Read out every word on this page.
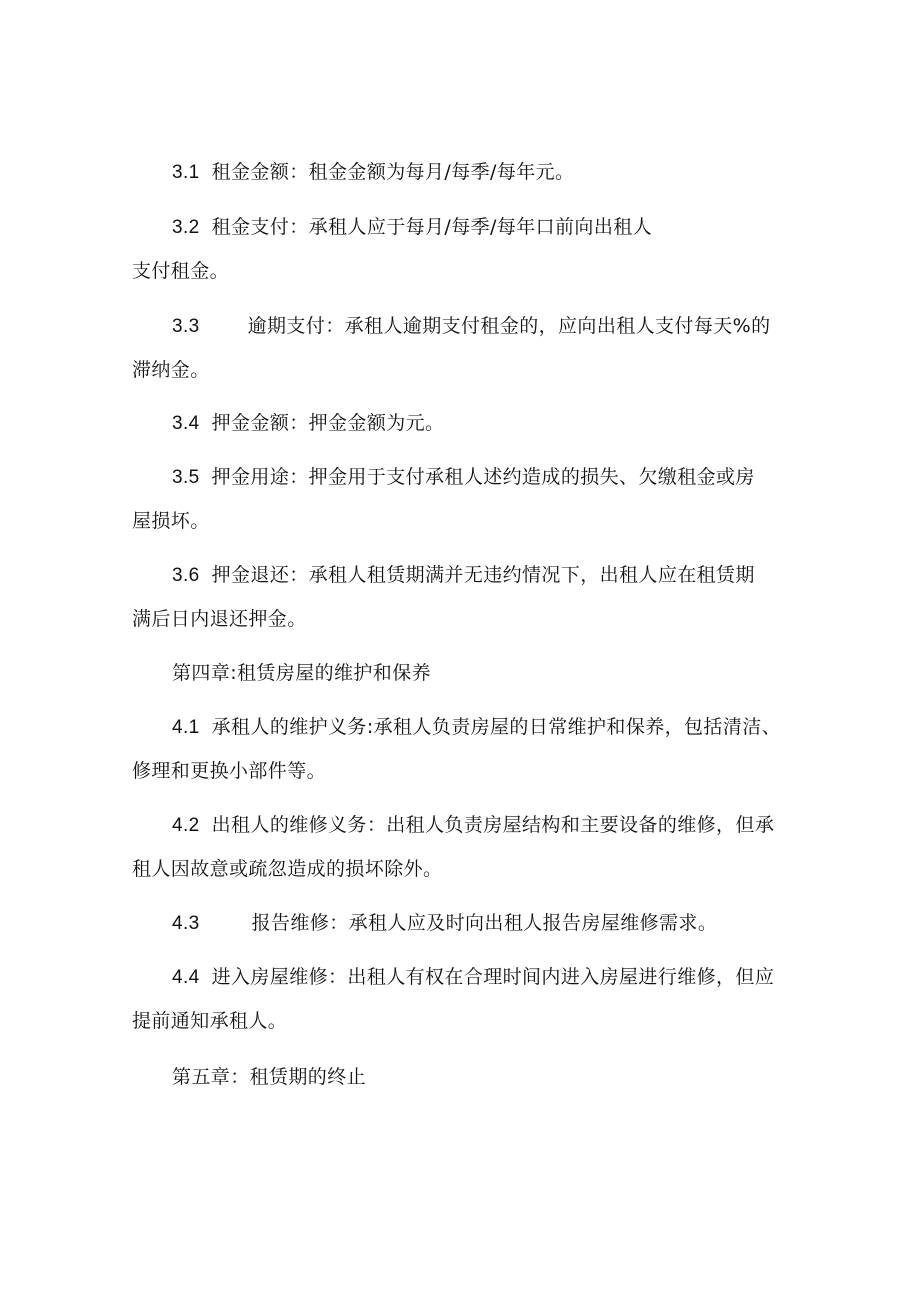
3.1 租金金额：租金金额为每月/每季/每年元。
3.2 租金支付：承租人应于每月/每季/每年口前向出租人
支付租金。
3.3	逾期支付：承租人逾期支付租金的，应向出租人支付每天%的
滞纳金。
3.4 押金金额：押金金额为元。
3.5 押金用途：押金用于支付承租人述约造成的损失、欠缴租金或房
屋损坏。
3.6 押金退还：承租人租赁期满并无违约情况下，出租人应在租赁期
满后日内退还押金。
第四章:租赁房屋的维护和保养
4.1 承租人的维护义务:承租人负责房屋的日常维护和保养，包括清洁、
修理和更换小部件等。
4.2 出租人的维修义务：出租人负责房屋结构和主要设备的维修，但承
租人因故意或疏忽造成的损坏除外。
4.3	报告维修：承租人应及时向出租人报告房屋维修需求。
4.4 进入房屋维修：出租人有权在合理时间内进入房屋进行维修，但应
提前通知承租人。
第五章：租赁期的终止
